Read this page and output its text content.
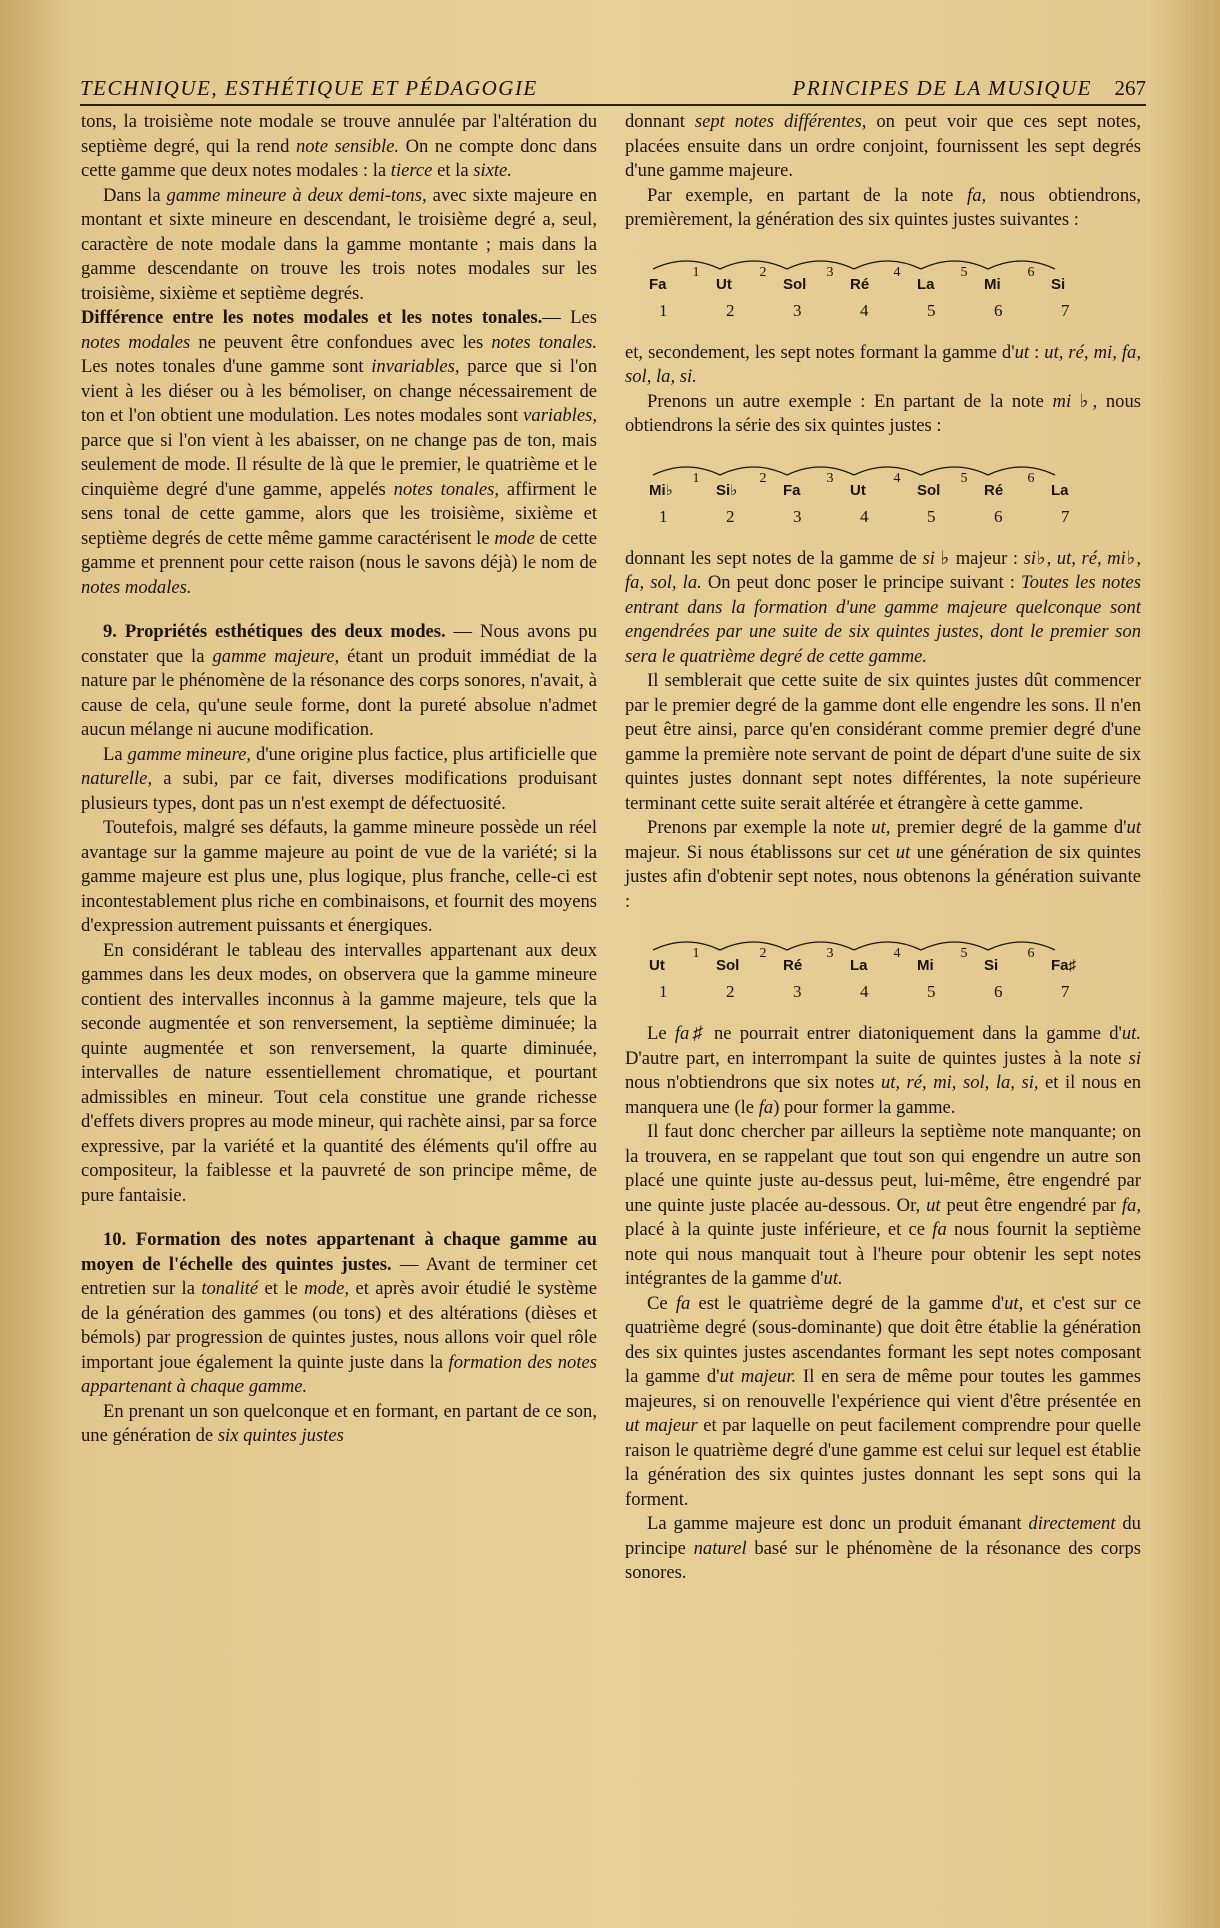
TECHNIQUE, ESTHÉTIQUE ET PÉDAGOGIE	PRINCIPES DE LA MUSIQUE 267

tons, la troisième note modale se trouve annulée par l'altération du septième degré, qui la rend note sensible. On ne compte donc dans cette gamme que deux notes modales : la tierce et la sixte.

Dans la gamme mineure à deux demi-tons, avec sixte majeure en montant et sixte mineure en descendant, le troisième degré a, seul, caractère de note modale dans la gamme montante ; mais dans la gamme descendante on trouve les trois notes modales sur les troisième, sixième et septième degrés.

Différence entre les notes modales et les notes tonales.— Les notes modales ne peuvent être confondues avec les notes tonales. Les notes tonales d'une gamme sont invariables, parce que si l'on vient à les diéser ou à les bémoliser, on change nécessairement de ton et l'on obtient une modulation. Les notes modales sont variables, parce que si l'on vient à les abaisser, on ne change pas de ton, mais seulement de mode. Il résulte de là que le premier, le quatrième et le cinquième degré d'une gamme, appelés notes tonales, affirment le sens tonal de cette gamme, alors que les troisième, sixième et septième degrés de cette même gamme caractérisent le mode de cette gamme et prennent pour cette raison (nous le savons déjà) le nom de notes modales.

9. Propriétés esthétiques des deux modes. — Nous avons pu constater que la gamme majeure, étant un produit immédiat de la nature par le phénomène de la résonance des corps sonores, n'avait, à cause de cela, qu'une seule forme, dont la pureté absolue n'admet aucun mélange ni aucune modification.

La gamme mineure, d'une origine plus factice, plus artificielle que naturelle, a subi, par ce fait, diverses modifications produisant plusieurs types, dont pas un n'est exempt de défectuosité.

Toutefois, malgré ses défauts, la gamme mineure possède un réel avantage sur la gamme majeure au point de vue de la variété; si la gamme majeure est plus une, plus logique, plus franche, celle-ci est incontestablement plus riche en combinaisons, et fournit des moyens d'expression autrement puissants et énergiques.

En considérant le tableau des intervalles appartenant aux deux gammes dans les deux modes, on observera que la gamme mineure contient des intervalles inconnus à la gamme majeure, tels que la seconde augmentée et son renversement, la septième diminuée; la quinte augmentée et son renversement, la quarte diminuée, intervalles de nature essentiellement chromatique, et pourtant admissibles en mineur. Tout cela constitue une grande richesse d'effets divers propres au mode mineur, qui rachète ainsi, par sa force expressive, par la variété et la quantité des éléments qu'il offre au compositeur, la faiblesse et la pauvreté de son principe même, de pure fantaisie.

10. Formation des notes appartenant à chaque gamme au moyen de l'échelle des quintes justes. — Avant de terminer cet entretien sur la tonalité et le mode, et après avoir étudié le système de la génération des gammes (ou tons) et des altérations (dièses et bémols) par progression de quintes justes, nous allons voir quel rôle important joue également la quinte juste dans la formation des notes appartenant à chaque gamme.

En prenant un son quelconque et en formant, en partant de ce son, une génération de six quintes justes

donnant sept notes différentes, on peut voir que ces sept notes, placées ensuite dans un ordre conjoint, fournissent les sept degrés d'une gamme majeure.

Par exemple, en partant de la note fa, nous obtiendrons, premièrement, la génération des six quintes justes suivantes :

Fa
1
1
Ut
2
2
Sol
3
3
Ré
4
4
La
5
5
Mi
6
6
Si
7

et, secondement, les sept notes formant la gamme d'ut : ut, ré, mi, fa, sol, la, si.

Prenons un autre exemple : En partant de la note mi ♭, nous obtiendrons la série des six quintes justes :

Mi♭
1
1
Si♭
2
2
Fa
3
3
Ut
4
4
Sol
5
5
Ré
6
6
La
7

donnant les sept notes de la gamme de si ♭ majeur : si♭, ut, ré, mi♭, fa, sol, la. On peut donc poser le principe suivant : Toutes les notes entrant dans la formation d'une gamme majeure quelconque sont engendrées par une suite de six quintes justes, dont le premier son sera le quatrième degré de cette gamme.

Il semblerait que cette suite de six quintes justes dût commencer par le premier degré de la gamme dont elle engendre les sons. Il n'en peut être ainsi, parce qu'en considérant comme premier degré d'une gamme la première note servant de point de départ d'une suite de six quintes justes donnant sept notes différentes, la note supérieure terminant cette suite serait altérée et étrangère à cette gamme.

Prenons par exemple la note ut, premier degré de la gamme d'ut majeur. Si nous établissons sur cet ut une génération de six quintes justes afin d'obtenir sept notes, nous obtenons la génération suivante :

Ut
1
1
Sol
2
2
Ré
3
3
La
4
4
Mi
5
5
Si
6
6
Fa♯
7

Le fa♯ ne pourrait entrer diatoniquement dans la gamme d'ut. D'autre part, en interrompant la suite de quintes justes à la note si nous n'obtiendrons que six notes ut, ré, mi, sol, la, si, et il nous en manquera une (le fa) pour former la gamme.

Il faut donc chercher par ailleurs la septième note manquante; on la trouvera, en se rappelant que tout son qui engendre un autre son placé une quinte juste au-dessus peut, lui-même, être engendré par une quinte juste placée au-dessous. Or, ut peut être engendré par fa, placé à la quinte juste inférieure, et ce fa nous fournit la septième note qui nous manquait tout à l'heure pour obtenir les sept notes intégrantes de la gamme d'ut.

Ce fa est le quatrième degré de la gamme d'ut, et c'est sur ce quatrième degré (sous-dominante) que doit être établie la génération des six quintes justes ascendantes formant les sept notes composant la gamme d'ut majeur. Il en sera de même pour toutes les gammes majeures, si on renouvelle l'expérience qui vient d'être présentée en ut majeur et par laquelle on peut facilement comprendre pour quelle raison le quatrième degré d'une gamme est celui sur lequel est établie la génération des six quintes justes donnant les sept sons qui la forment.

La gamme majeure est donc un produit émanant directement du principe naturel basé sur le phénomène de la résonance des corps sonores.
